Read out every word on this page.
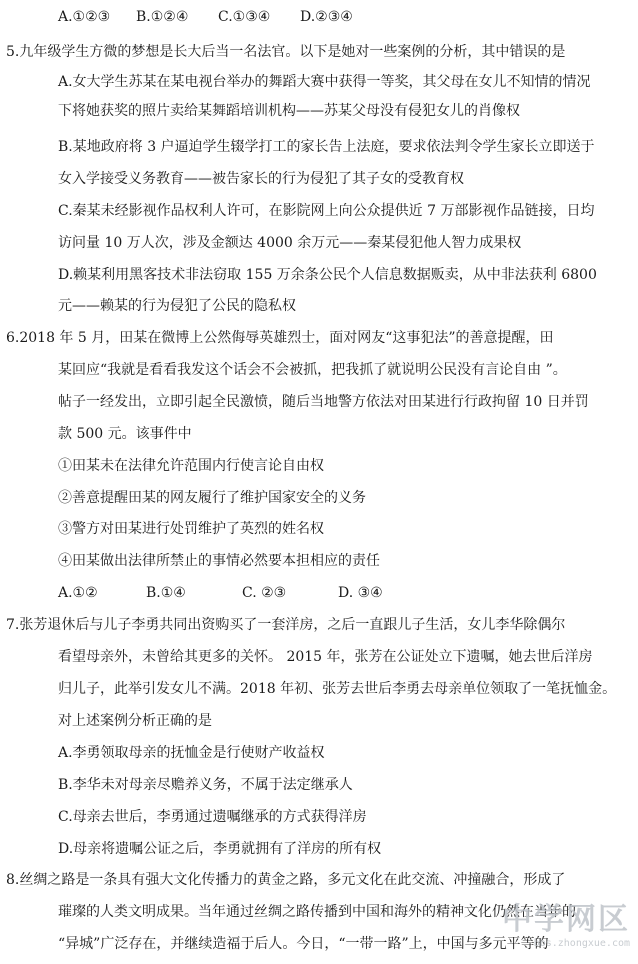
A.①②③ B.①②④ C.①③④ D.②③④
5.九年级学生方微的梦想是长大后当一名法官。以下是她对一些案例的分析，其中错误的是
A.女大学生苏某在某电视台举办的舞蹈大赛中获得一等奖，其父母在女儿不知情的情况
下将她获奖的照片卖给某舞蹈培训机构——苏某父母没有侵犯女儿的肖像权
B.某地政府将 3 户逼迫学生辍学打工的家长告上法庭，要求依法判令学生家长立即送于
女入学接受义务教育——被告家长的行为侵犯了其子女的受教育权
C.秦某未经影视作品权利人许可，在影院网上向公众提供近 7 万部影视作品链接，日均
访问量 10 万人次，涉及金额达 4000 余万元——秦某侵犯他人智力成果权
D.赖某利用黑客技术非法窃取 155 万余条公民个人信息数据贩卖，从中非法获利 6800
元——赖某的行为侵犯了公民的隐私权
6.2018 年 5 月，田某在微博上公然侮辱英雄烈士，面对网友“这事犯法”的善意提醒，田
某回应“我就是看看我发这个话会不会被抓，把我抓了就说明公民没有言论自由 ”。
帖子一经发出，立即引起全民激愤，随后当地警方依法对田某进行行政拘留 10 日并罚
款 500 元。该事件中
①田某未在法律允许范围内行使言论自由权
②善意提醒田某的网友履行了维护国家安全的义务
③警方对田某进行处罚维护了英烈的姓名权
④田某做出法律所禁止的事情必然要本担相应的责任
A.①②	B.①④	C. ②③	D. ③④
7.张芳退休后与儿子李勇共同出资购买了一套洋房，之后一直跟儿子生活，女儿李华除偶尔
看望母亲外，未曾给其更多的关怀。 2015 年，张芳在公证处立下遗嘱，她去世后洋房
归儿子，此举引发女儿不满。2018 年初、张芳去世后李勇去母亲单位领取了一笔抚恤金。
对上述案例分析正确的是
A.李勇领取母亲的抚恤金是行使财产收益权
B.李华未对母亲尽赡养义务，不属于法定继承人
C.母亲去世后，李勇通过遗嘱继承的方式获得洋房
D.母亲将遗嘱公证之后，李勇就拥有了洋房的所有权
8.丝绸之路是一条具有强大文化传播力的黄金之路，多元文化在此交流、冲撞融合，形成了
璀璨的人类文明成果。当年通过丝绸之路传播到中国和海外的精神文化仍然在当年的
“异城”广泛存在，并继续造福于后人。今日，“一带一路”上，中国与多元平等的
中学网区
bbs.zhongxue.com
